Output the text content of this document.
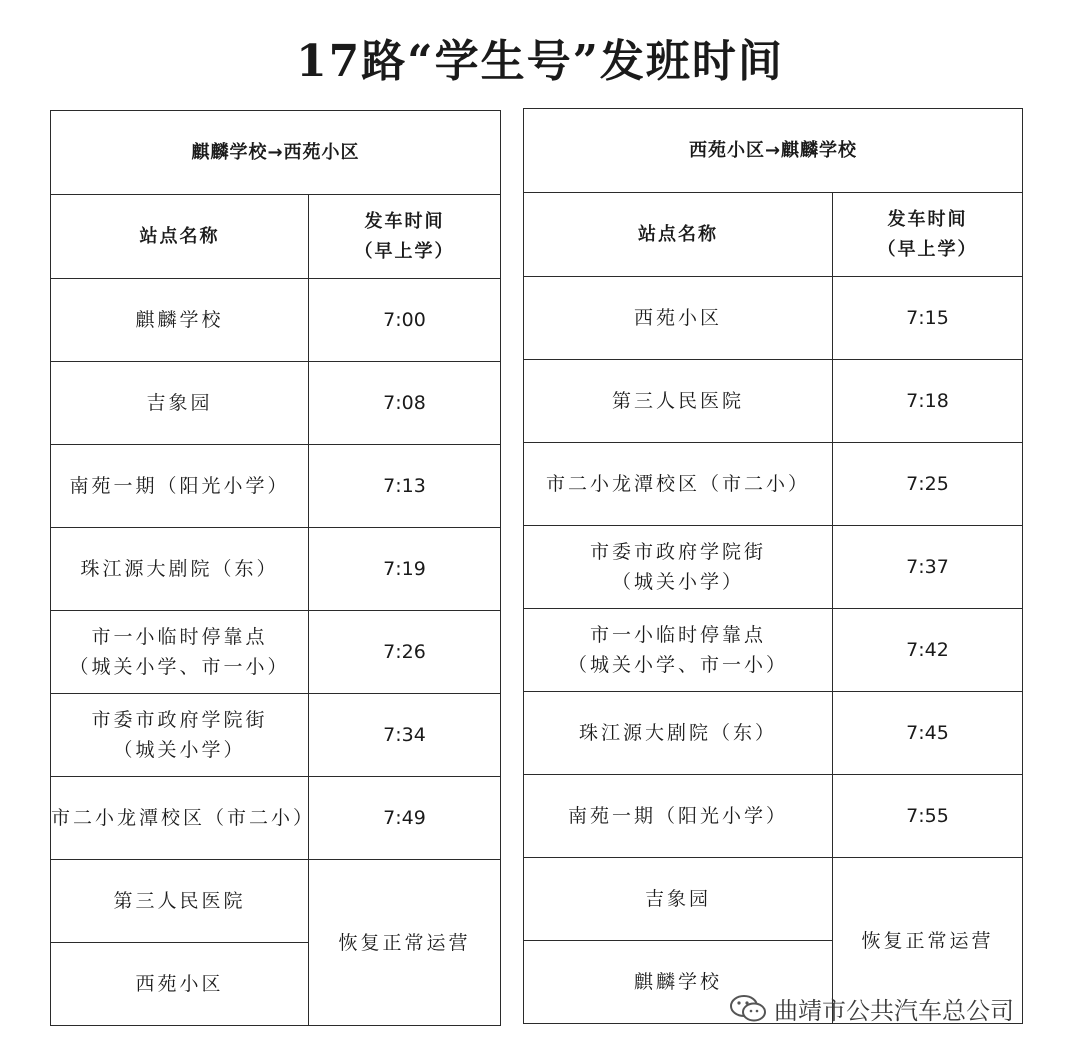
17路“学生号”发班时间
麒麟学校→西苑小区	
站点名称	发车时间
（早上学）

麒麟学校	7:00

吉象园	7:08

南苑一期（阳光小学）	7:13

珠江源大剧院（东）	7:19

市一小临时停靠点
（城关小学、市一小）	7:26

市委市政府学院街
（城关小学）	7:34

市二小龙潭校区（市二小）	7:49
第三人民医院	恢复正常运营
西苑小区	
西苑小区→麒麟学校	
站点名称	发车时间
（早上学）

西苑小区	7:15

第三人民医院	7:18

市二小龙潭校区（市二小）	7:25

市委市政府学院街
（城关小学）	7:37

市一小临时停靠点
（城关小学、市一小）	7:42

珠江源大剧院（东）	7:45

南苑一期（阳光小学）	7:55
吉象园	恢复正常运营
麒麟学校	
曲靖市公共汽车总公司
